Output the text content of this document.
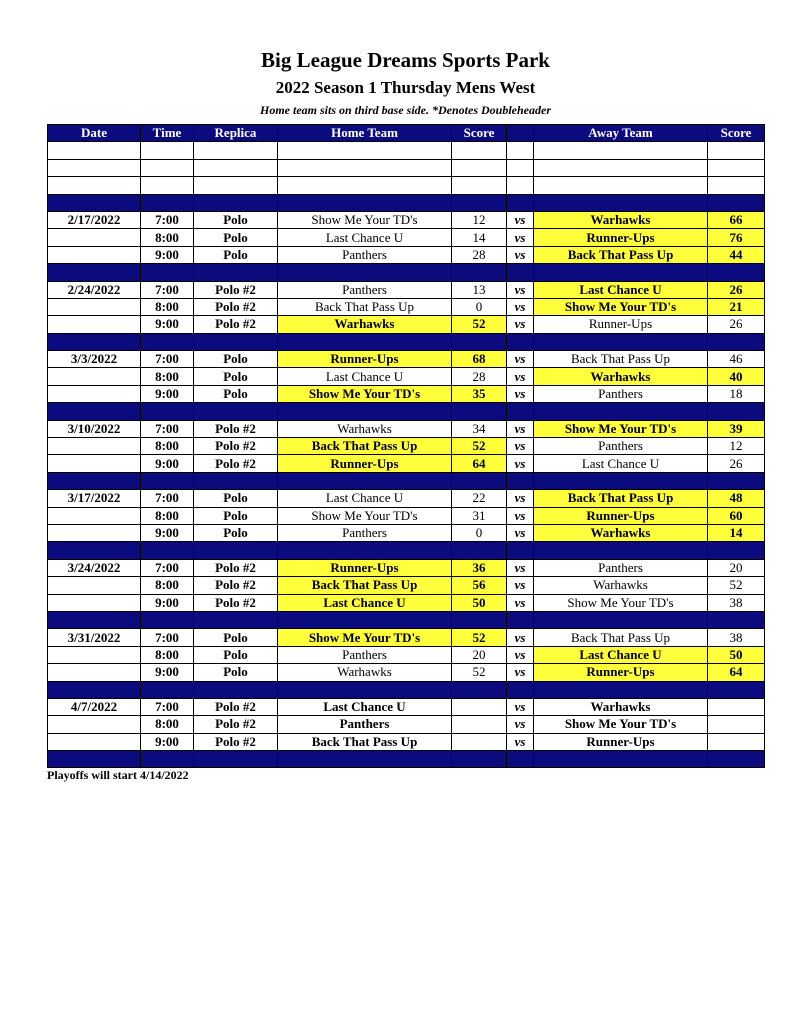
Big League Dreams Sports Park
2022 Season 1 Thursday Mens West
Home team sits on third base side. *Denotes Doubleheader
Date	Time	Replica	Home Team	Score		Away Team	Score

2/17/2022	7:00	Polo	Show Me Your TD's	12	vs	Warhawks	66
	8:00	Polo	Last Chance U	14	vs	Runner-Ups	76
	9:00	Polo	Panthers	28	vs	Back That Pass Up	44

2/24/2022	7:00	Polo #2	Panthers	13	vs	Last Chance U	26
	8:00	Polo #2	Back That Pass Up	0	vs	Show Me Your TD's	21
	9:00	Polo #2	Warhawks	52	vs	Runner-Ups	26

3/3/2022	7:00	Polo	Runner-Ups	68	vs	Back That Pass Up	46
	8:00	Polo	Last Chance U	28	vs	Warhawks	40
	9:00	Polo	Show Me Your TD's	35	vs	Panthers	18

3/10/2022	7:00	Polo #2	Warhawks	34	vs	Show Me Your TD's	39
	8:00	Polo #2	Back That Pass Up	52	vs	Panthers	12
	9:00	Polo #2	Runner-Ups	64	vs	Last Chance U	26

3/17/2022	7:00	Polo	Last Chance U	22	vs	Back That Pass Up	48
	8:00	Polo	Show Me Your TD's	31	vs	Runner-Ups	60
	9:00	Polo	Panthers	0	vs	Warhawks	14

3/24/2022	7:00	Polo #2	Runner-Ups	36	vs	Panthers	20
	8:00	Polo #2	Back That Pass Up	56	vs	Warhawks	52
	9:00	Polo #2	Last Chance U	50	vs	Show Me Your TD's	38

3/31/2022	7:00	Polo	Show Me Your TD's	52	vs	Back That Pass Up	38
	8:00	Polo	Panthers	20	vs	Last Chance U	50
	9:00	Polo	Warhawks	52	vs	Runner-Ups	64

4/7/2022	7:00	Polo #2	Last Chance U		vs	Warhawks	
	8:00	Polo #2	Panthers		vs	Show Me Your TD's	
	9:00	Polo #2	Back That Pass Up		vs	Runner-Ups	

Playoffs will start 4/14/2022
